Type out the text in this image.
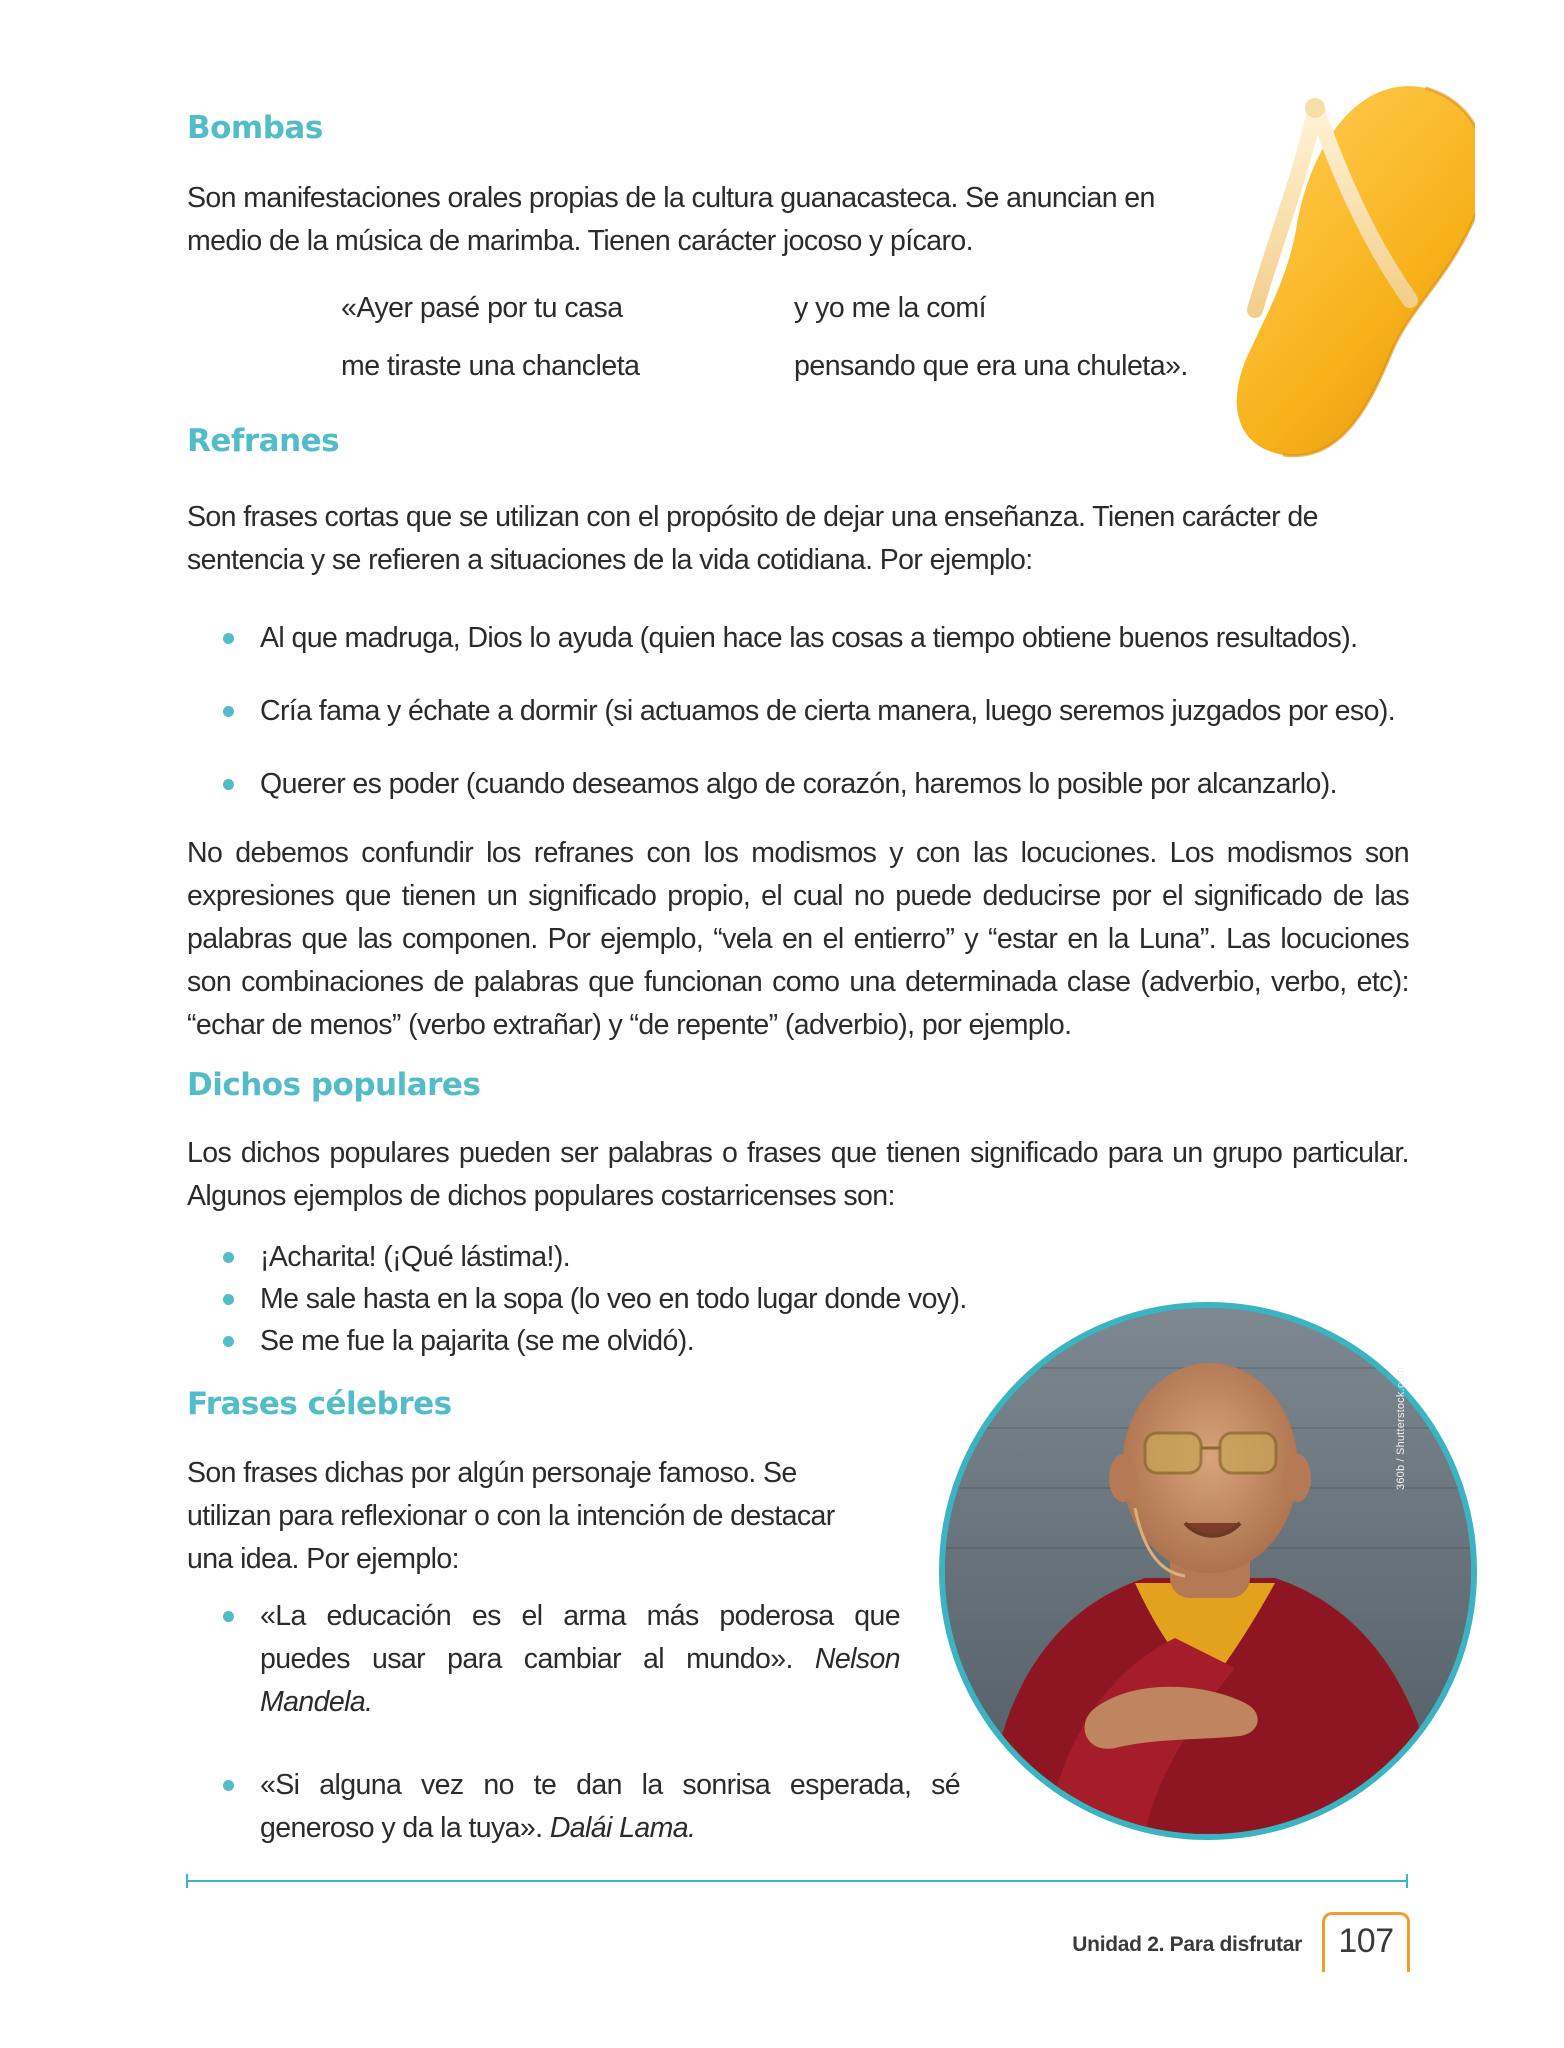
Bombas

Son manifestaciones orales propias de la cultura guanacasteca. Se anuncian en medio de la música de marimba. Tienen carácter jocoso y pícaro.

«Ayer pasé por tu casa	y yo me la comí
me tiraste una chancleta	pensando que era una chuleta».
Refranes

Son frases cortas que se utilizan con el propósito de dejar una enseñanza. Tienen carácter de sentencia y se refieren a situaciones de la vida cotidiana. Por ejemplo:

Al que madruga, Dios lo ayuda (quien hace las cosas a tiempo obtiene buenos resultados).
Cría fama y échate a dormir (si actuamos de cierta manera, luego seremos juzgados por eso).
Querer es poder (cuando deseamos algo de corazón, haremos lo posible por alcanzarlo).

No debemos confundir los refranes con los modismos y con las locuciones. Los modismos son expresiones que tienen un significado propio, el cual no puede deducirse por el significado de las palabras que las componen. Por ejemplo, “vela en el entierro” y “estar en la Luna”. Las locuciones son combinaciones de palabras que funcionan como una determinada clase (adverbio, verbo, etc): “echar de menos” (verbo extrañar) y “de repente” (adverbio), por ejemplo.

Dichos populares

Los dichos populares pueden ser palabras o frases que tienen significado para un grupo particular. Algunos ejemplos de dichos populares costarricenses son:

¡Acharita! (¡Qué lástima!).
Me sale hasta en la sopa (lo veo en todo lugar donde voy).
Se me fue la pajarita (se me olvidó).
Frases célebres

Son frases dichas por algún personaje famoso. Se utilizan para reflexionar o con la intención de destacar una idea. Por ejemplo:

«La educación es el arma más poderosa que puedes usar para cambiar al mundo». Nelson Mandela.
«Si alguna vez no te dan la sonrisa esperada, sé generoso y da la tuya». Dalái Lama.
360b / Shutterstock.com
Unidad 2. Para disfrutar	107
